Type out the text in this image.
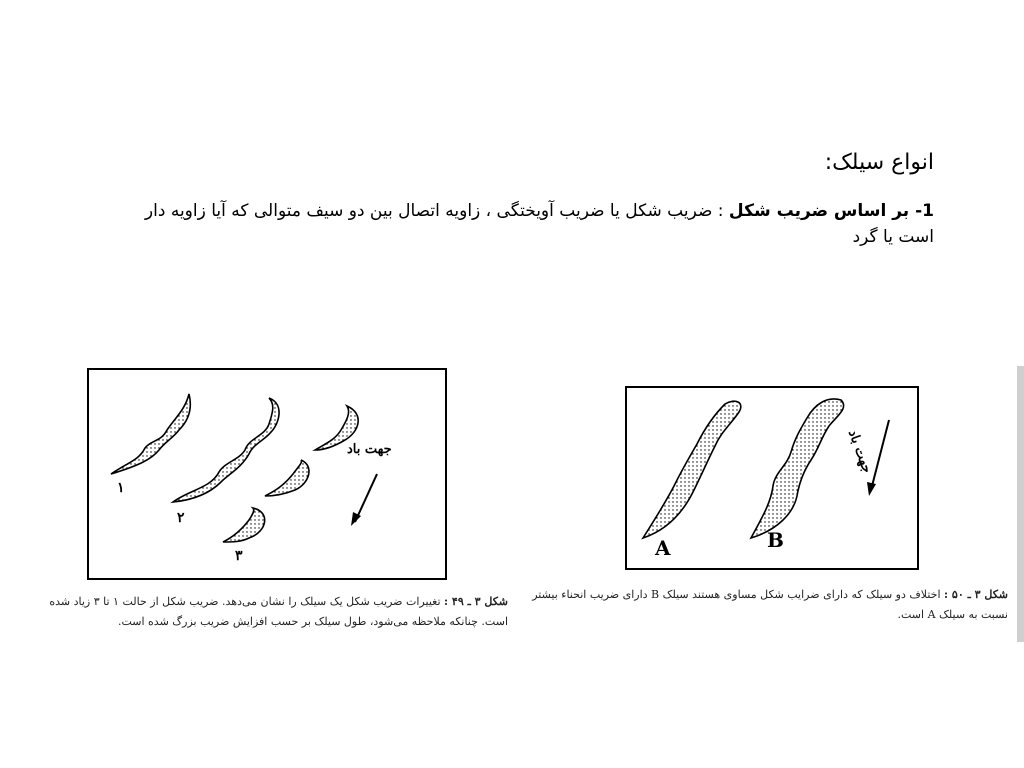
انواع سیلک:
1- بر اساس ضریب شکل : ضریب شکل یا ضریب آویختگی ، زاویه اتصال بین دو سیف متوالی که آیا زاویه دار است یا گرد
جهت باد
۱
۲
۳
شکل ۳ ـ ۴۹ : تغییرات ضریب شکل یک سیلک را نشان می‌دهد. ضریب شکل از حالت ۱ تا ۳ زیاد شده است. چنانکه ملاحظه می‌شود، طول سیلک بر حسب افزایش ضریب بزرگ شده است.
جهت باد
A	B
شکل ۳ ـ ۵۰ : اختلاف دو سیلک که دارای ضرایب شکل مساوی هستند سیلک B دارای ضریب انحناء بیشتر نسبت به سیلک A است.
